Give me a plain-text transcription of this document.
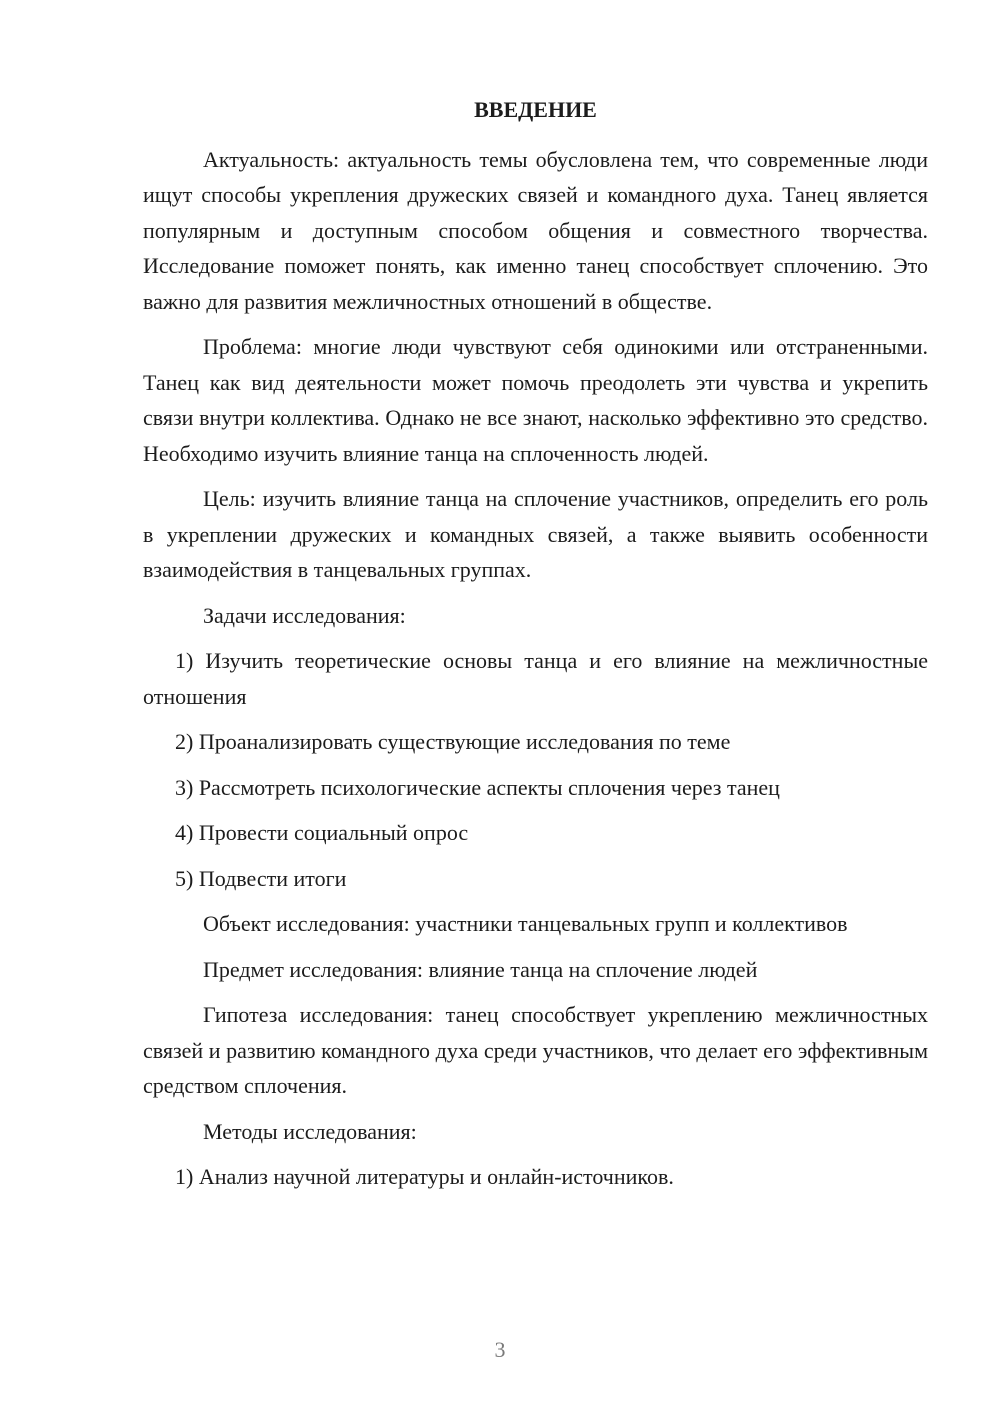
ВВЕДЕНИЕ

Актуальность: актуальность темы обусловлена тем, что современные люди ищут способы укрепления дружеских связей и командного духа. Танец является популярным и доступным способом общения и совместного творчества. Исследование поможет понять, как именно танец способствует сплочению. Это важно для развития межличностных отношений в обществе.

Проблема: многие люди чувствуют себя одинокими или отстраненными. Танец как вид деятельности может помочь преодолеть эти чувства и укрепить связи внутри коллектива. Однако не все знают, насколько эффективно это средство. Необходимо изучить влияние танца на сплоченность людей.

Цель: изучить влияние танца на сплочение участников, определить его роль в укреплении дружеских и командных связей, а также выявить особенности взаимодействия в танцевальных группах.

Задачи исследования:

1) Изучить теоретические основы танца и его влияние на межличностные отношения

2) Проанализировать существующие исследования по теме

3) Рассмотреть психологические аспекты сплочения через танец

4) Провести социальный опрос

5) Подвести итоги

Объект исследования: участники танцевальных групп и коллективов

Предмет исследования: влияние танца на сплочение людей

Гипотеза исследования: танец способствует укреплению межличностных связей и развитию командного духа среди участников, что делает его эффективным средством сплочения.

Методы исследования:

1) Анализ научной литературы и онлайн-источников.

3
